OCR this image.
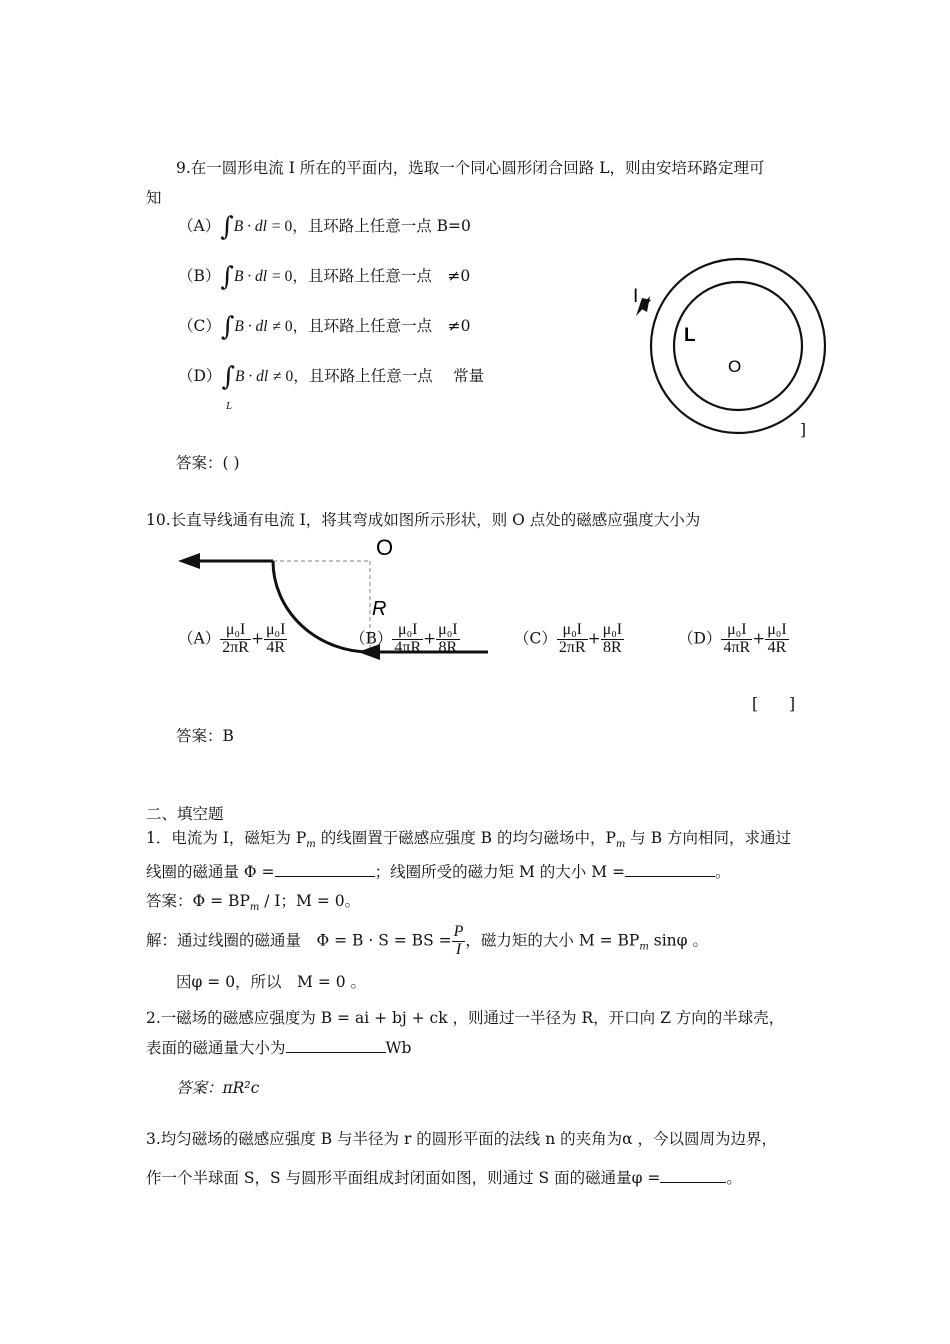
9.在一圆形电流 I 所在的平面内，选取一个同心圆形闭合回路 L，则由安培环路定理可
知
（A）∫B · dl = 0，且环路上任意一点 B=0
（B）∫B · dl = 0，且环路上任意一点　≠0
（C）∫B · dl ≠ 0，且环路上任意一点　≠0
（D）∫B · dl ≠ 0，且环路上任意一点　 常量
L
I
L
O
]
答案：( )
10.长直导线通有电流 I，将其弯成如图所示形状，则 O 点处的磁感应强度大小为
O
R
$(A) \frac{\text{μ₀I}}{2\pi R} + \frac{\text{μ₀I}}{4R}$	$(B) \frac{\text{μ₀I}}{4\pi R} + \frac{\text{μ₀I}}{8R}$	$(C) \frac{\text{μ₀I}}{2\pi R} + \frac{\text{μ₀I}}{8R}$	$(D) \frac{\text{μ₀I}}{4\pi R} + \frac{\text{μ₀I}}{4R}$
[　　]
答案：B
二、填空题
1．电流为 I，磁矩为 $P_m$ 的线圈置于磁感应强度 B 的均匀磁场中，$P_m$ 与 B 方向相同，求通过
线圈的磁通量 Φ =	；线圈所受的磁力矩 M 的大小 M =	。
答案：$\Phi = BP_m / I$；M = 0。
解：通过线圈的磁通量　Φ = B · S = BS = $\frac{P}{I}$ ，磁力矩的大小 $M = BP_m$ sinφ 。
因φ = 0，所以　M = 0 。
2.一磁场的磁感应强度为 B = ai + bj + ck ，则通过一半径为 R，开口向 Z 方向的半球壳，
表面的磁通量大小为	Wb
答案：πR²c
3.均匀磁场的磁感应强度 B 与半径为 r 的圆形平面的法线 n 的夹角为α ，今以圆周为边界，
作一个半球面 S，S 与圆形平面组成封闭面如图，则通过 S 面的磁通量φ =	。
